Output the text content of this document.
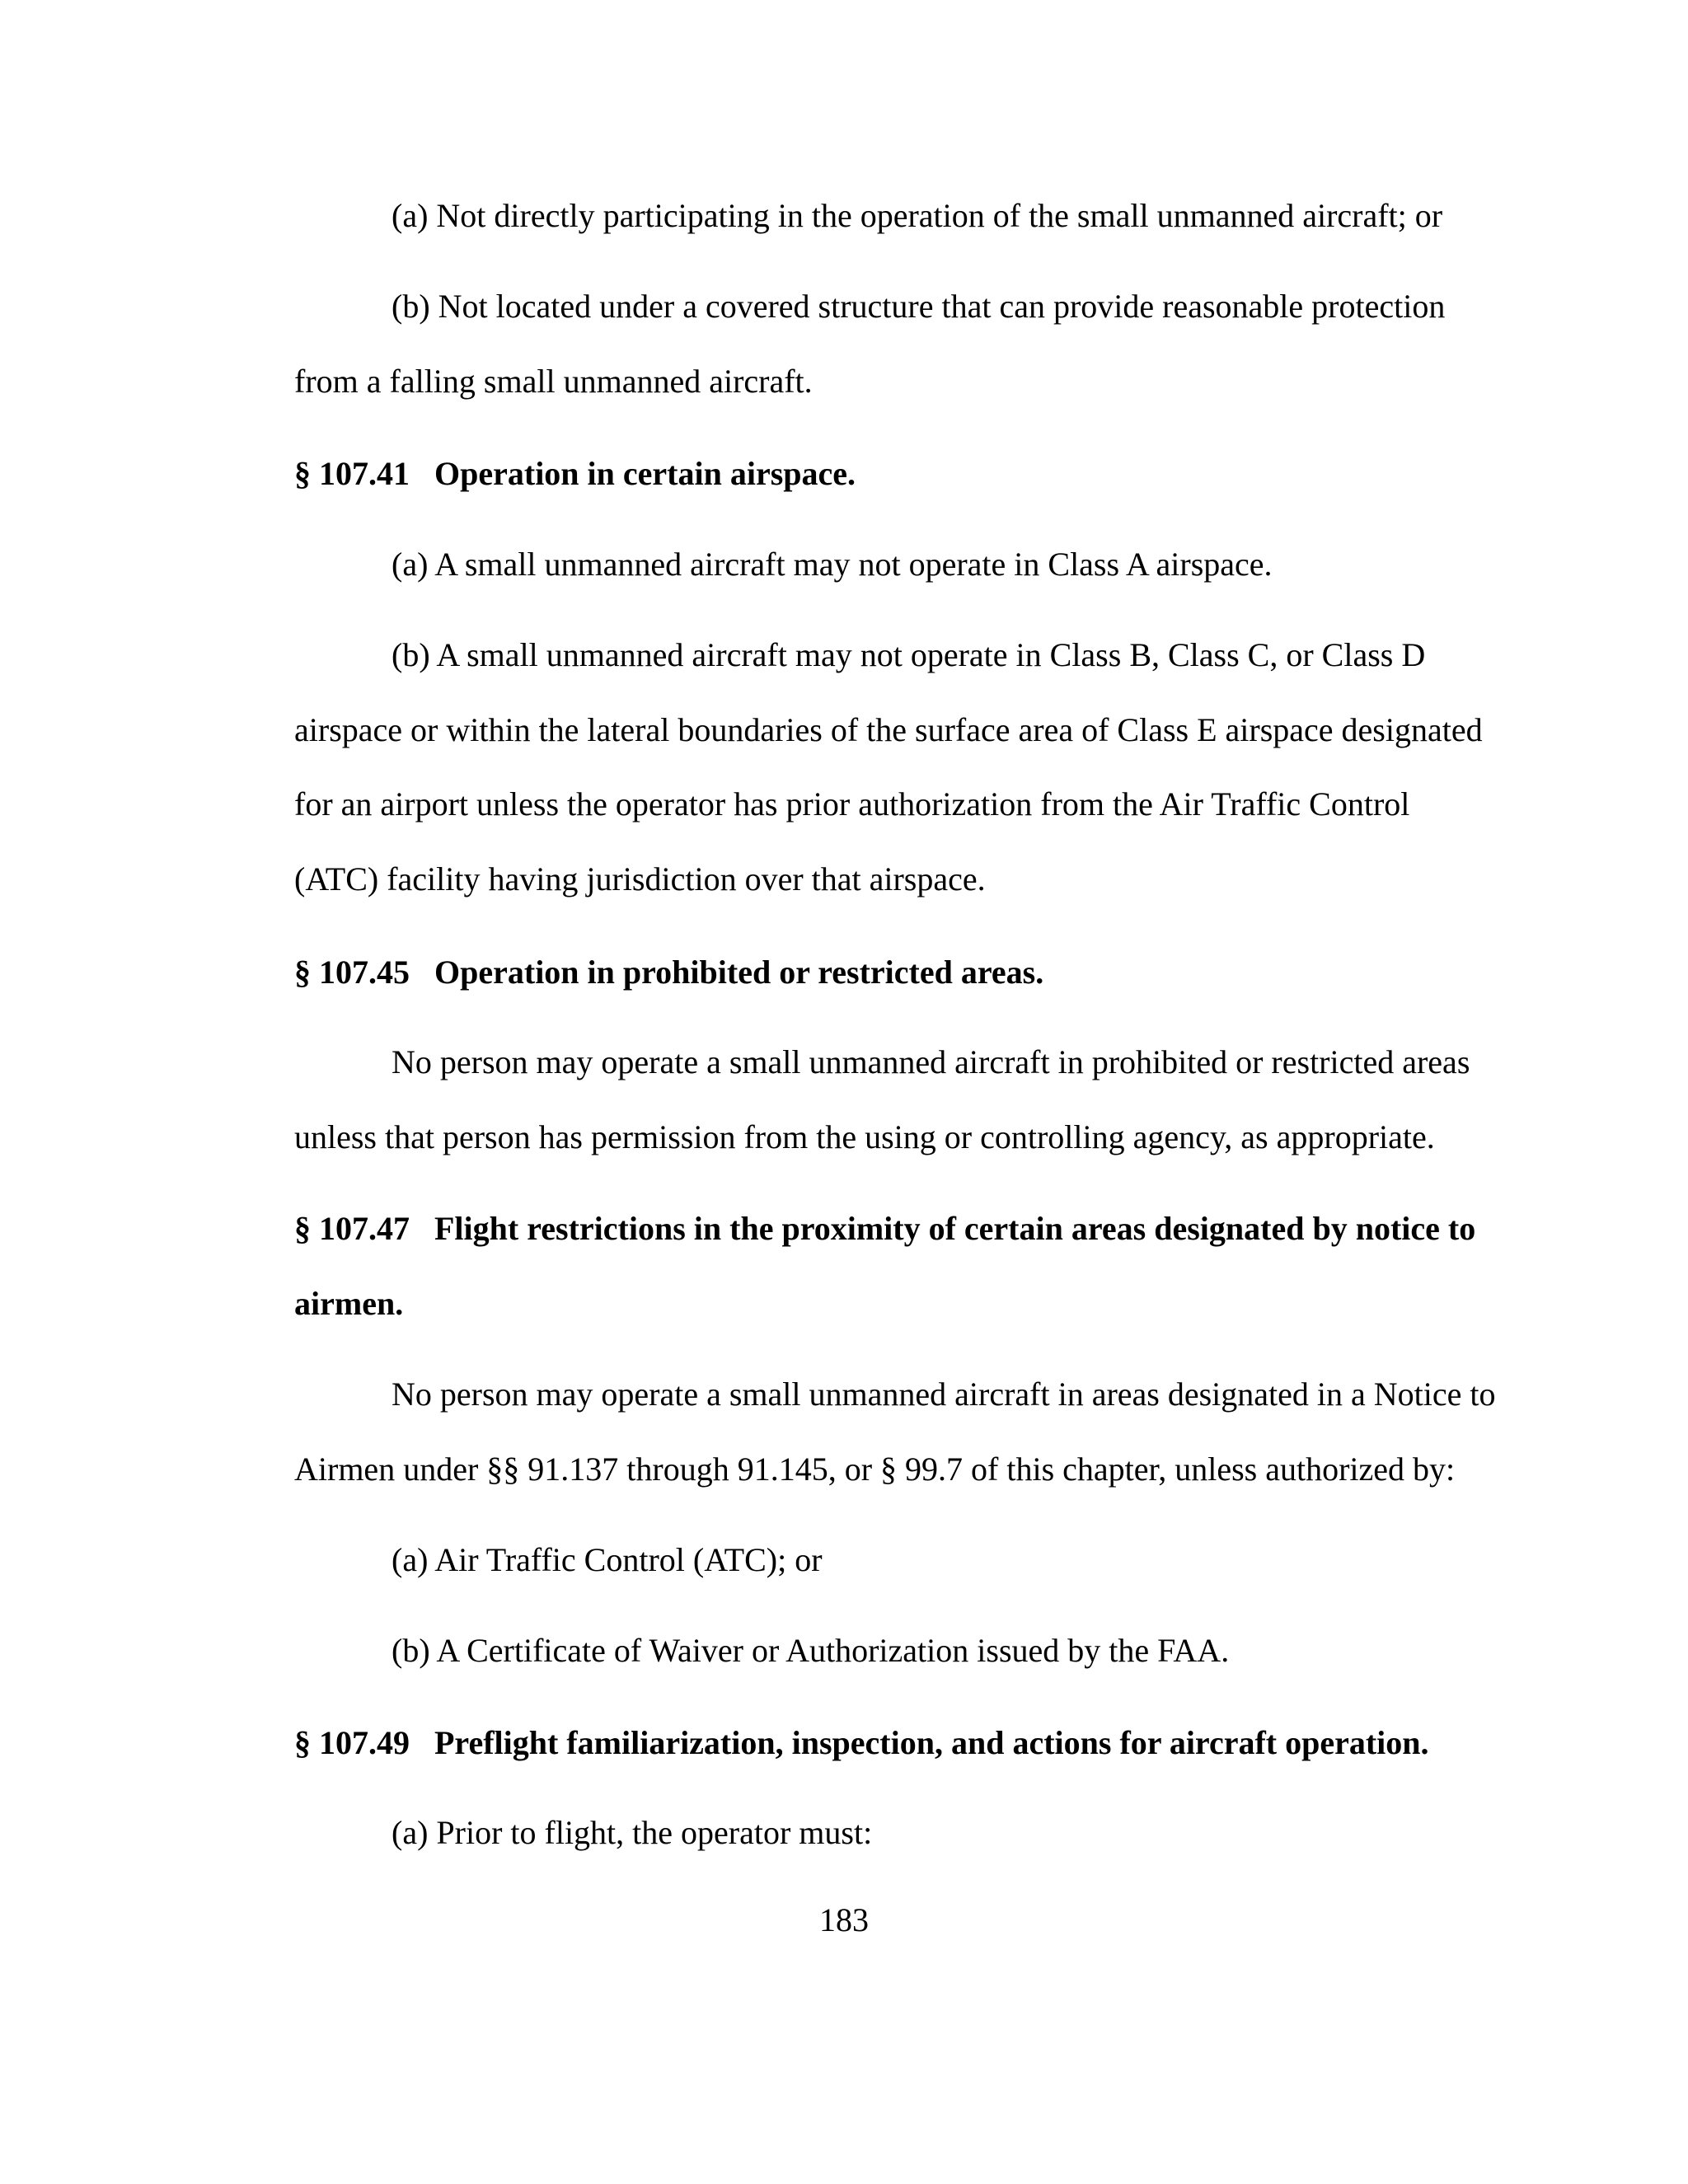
(a) Not directly participating in the operation of the small unmanned aircraft; or
(b) Not located under a covered structure that can provide reasonable protection
from a falling small unmanned aircraft.
§ 107.41 Operation in certain airspace.
(a) A small unmanned aircraft may not operate in Class A airspace.
(b) A small unmanned aircraft may not operate in Class B, Class C, or Class D
airspace or within the lateral boundaries of the surface area of Class E airspace designated
for an airport unless the operator has prior authorization from the Air Traffic Control
(ATC) facility having jurisdiction over that airspace.
§ 107.45 Operation in prohibited or restricted areas.
No person may operate a small unmanned aircraft in prohibited or restricted areas
unless that person has permission from the using or controlling agency, as appropriate.
§ 107.47 Flight restrictions in the proximity of certain areas designated by notice to
airmen.
No person may operate a small unmanned aircraft in areas designated in a Notice to
Airmen under §§ 91.137 through 91.145, or § 99.7 of this chapter, unless authorized by:
(a) Air Traffic Control (ATC); or
(b) A Certificate of Waiver or Authorization issued by the FAA.
§ 107.49 Preflight familiarization, inspection, and actions for aircraft operation.
(a) Prior to flight, the operator must:
183
